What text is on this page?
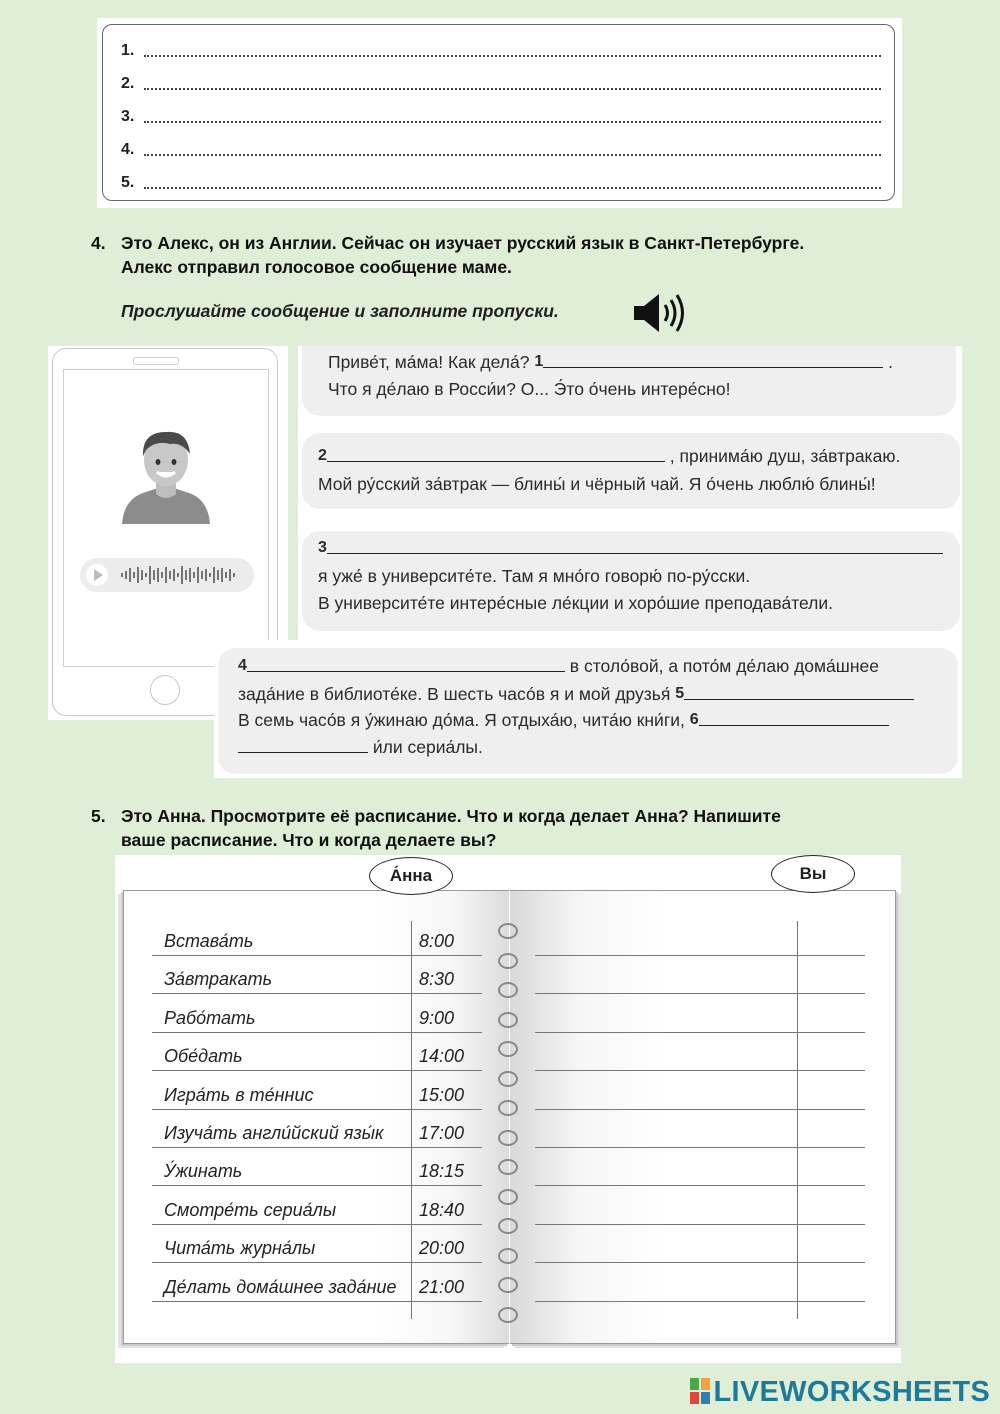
1.
2.
3.
4.
5.
4. Это Алекс, он из Англии. Сейчас он изучает русский язык в Санкт-Петербурге.
Алекс отправил голосовое сообщение маме.
Прослушайте сообщение и заполните пропуски.
Приве́т, ма́ма! Как дела́? 1	.
Что я де́лаю в Росси́и? О... Э́то о́чень интере́сно!
2	, принима́ю душ, за́втракаю.
Мой ру́сский за́втрак — блины́ и чёрный чай. Я о́чень люблю́ блины́!
3
я уже́ в университе́те. Там я мно́го говорю́ по-ру́сски.
В университе́те интере́сные ле́кции и хоро́шие преподава́тели.
4	в столо́вой, а пото́м де́лаю дома́шнее
зада́ние в библиоте́ке. В шесть часо́в я и мой друзья́ 5
В семь часо́в я у́жинаю до́ма. Я отдыха́ю, чита́ю кни́ги, 6
и́ли сериа́лы.
5. Это Анна. Просмотрите её расписание. Что и когда делает Анна? Напишите
ваше расписание. Что и когда делаете вы?
Встава́ть	8:00
За́втракать	8:30
Рабо́тать	9:00
Обе́дать	14:00
Игра́ть в те́ннис	15:00
Изуча́ть англи́йский язы́к 17:00
У́жинать	18:15
Смотре́ть сериа́лы	18:40
Чита́ть журна́лы	20:00
Де́лать дома́шнее зада́ние 21:00
А́нна	Вы
LIVEWORKSHEETS
